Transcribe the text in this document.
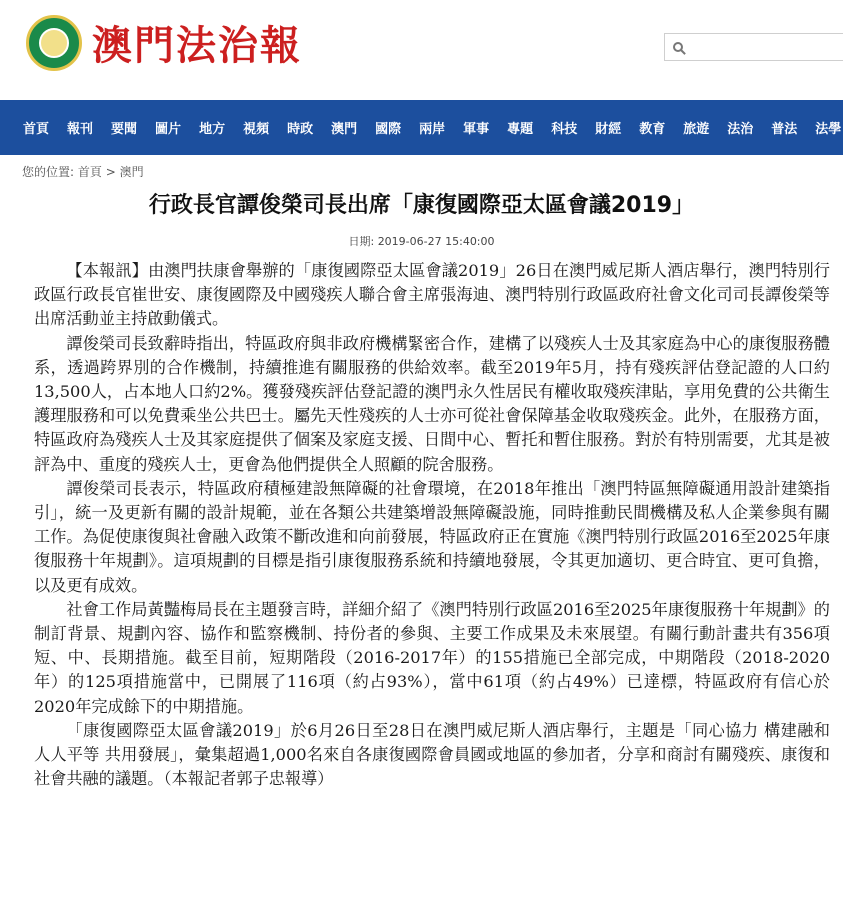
澳門法治報
首頁	報刊	要聞	圖片	地方	視頻	時政	澳門	國際	兩岸	軍事	專題	科技	財經	教育	旅遊	法治	普法	法學
您的位置: 首頁 > 澳門
行政長官譚俊榮司長出席「康復國際亞太區會議2019」
日期: 2019-06-27 15:40:00

【本報訊】由澳門扶康會舉辦的「康復國際亞太區會議2019」26日在澳門威尼斯人酒店舉行，澳門特別行政區行政長官崔世安、康復國際及中國殘疾人聯合會主席張海迪、澳門特別行政區政府社會文化司司長譚俊榮等出席活動並主持啟動儀式。

譚俊榮司長致辭時指出，特區政府與非政府機構緊密合作，建構了以殘疾人士及其家庭為中心的康復服務體系，透過跨界別的合作機制，持續推進有關服務的供給效率。截至2019年5月，持有殘疾評估登記證的人口約13,500人，占本地人口約2%。獲發殘疾評估登記證的澳門永久性居民有權收取殘疾津貼，享用免費的公共衛生護理服務和可以免費乘坐公共巴士。屬先天性殘疾的人士亦可從社會保障基金收取殘疾金。此外，在服務方面，特區政府為殘疾人士及其家庭提供了個案及家庭支援、日間中心、暫托和暫住服務。對於有特別需要，尤其是被評為中、重度的殘疾人士，更會為他們提供全人照顧的院舍服務。

譚俊榮司長表示，特區政府積極建設無障礙的社會環境，在2018年推出「澳門特區無障礙通用設計建築指引」，統一及更新有關的設計規範，並在各類公共建築增設無障礙設施，同時推動民間機構及私人企業參與有關工作。為促使康復與社會融入政策不斷改進和向前發展，特區政府正在實施《澳門特別行政區2016至2025年康復服務十年規劃》。這項規劃的目標是指引康復服務系統和持續地發展，令其更加適切、更合時宜、更可負擔，以及更有成效。

社會工作局黃豔梅局長在主題發言時，詳細介紹了《澳門特別行政區2016至2025年康復服務十年規劃》的制訂背景、規劃內容、協作和監察機制、持份者的參與、主要工作成果及未來展望。有關行動計畫共有356項短、中、長期措施。截至目前，短期階段（2016-2017年）的155措施已全部完成，中期階段（2018-2020年）的125項措施當中，已開展了116項（約占93%），當中61項（約占49%）已達標，特區政府有信心於2020年完成餘下的中期措施。

「康復國際亞太區會議2019」於6月26日至28日在澳門威尼斯人酒店舉行，主題是「同心協力 構建融和 人人平等 共用發展」，彙集超過1,000名來自各康復國際會員國或地區的參加者，分享和商討有關殘疾、康復和社會共融的議題。（本報記者郭子忠報導）
